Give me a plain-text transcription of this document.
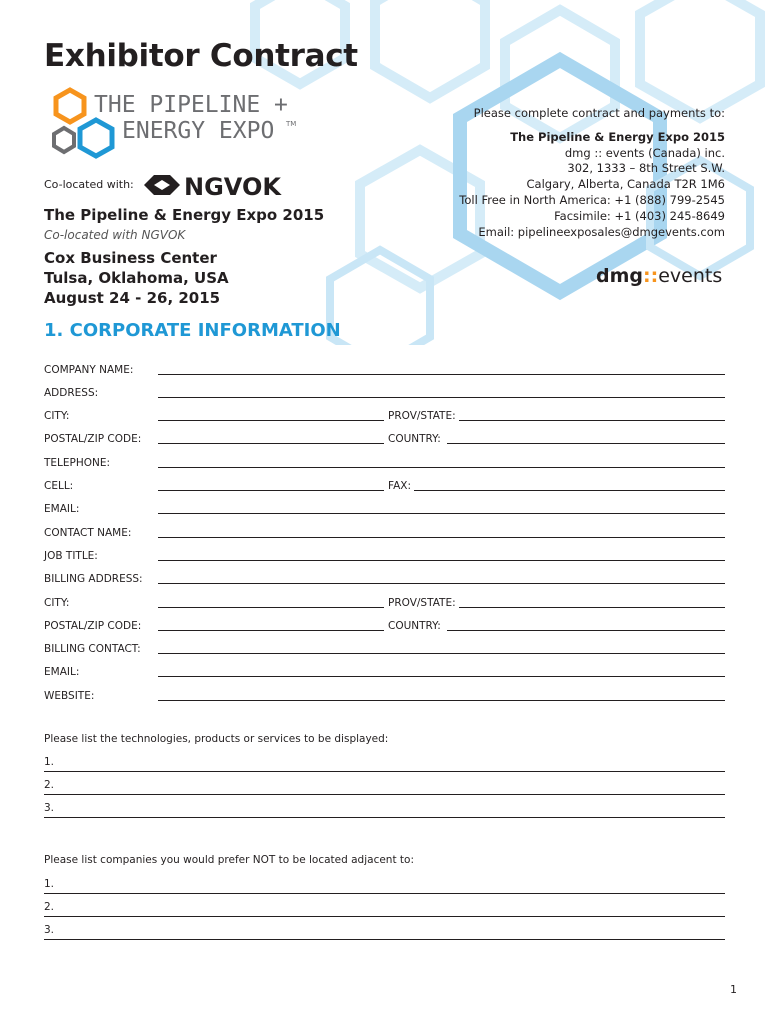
Exhibitor Contract
THE PIPELINE +
ENERGY EXPO TM
Co-located with: NGVOK

The Pipeline & Energy Expo 2015

Co-located with NGVOK

Cox Business Center

Tulsa, Oklahoma, USA

August 24 - 26, 2015

Please complete contract and payments to:
The Pipeline & Energy Expo 2015
dmg :: events (Canada) inc.
302, 1333 – 8th Street S.W.
Calgary, Alberta, Canada T2R 1M6
Toll Free in North America: +1 (888) 799-2545
Facsimile: +1 (403) 245-8649
Email: pipelineexposales@dmgevents.com
dmg::events
1. CORPORATE INFORMATION
COMPANY NAME:
ADDRESS:
CITY:	PROV/STATE:
POSTAL/ZIP CODE:	COUNTRY:
TELEPHONE:
CELL:	FAX:
EMAIL:
CONTACT NAME:
JOB TITLE:
BILLING ADDRESS:
CITY:	PROV/STATE:
POSTAL/ZIP CODE:	COUNTRY:
BILLING CONTACT:
EMAIL:
WEBSITE:
Please list the technologies, products or services to be displayed:
1.
2.
3.
Please list companies you would prefer NOT to be located adjacent to:
1.
2.
3.
1
